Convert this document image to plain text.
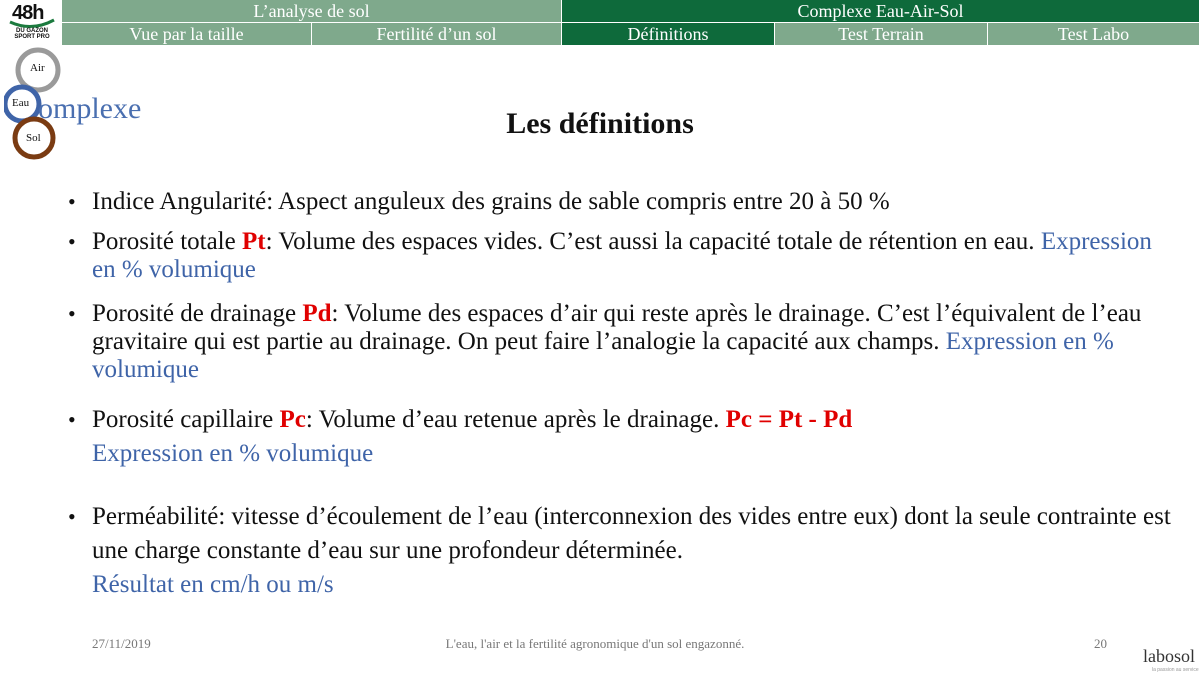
48h
DU GAZON
SPORT PRO
L’analyse de sol	Complexe Eau-Air-Sol
Vue par la taille	Fertilité d’un sol	Définitions	Test Terrain	Test Labo
Air
Eau
Sol
omplexe	Les définitions
• Indice Angularité: Aspect anguleux des grains de sable compris entre 20 à 50 %
• Porosité totale Pt: Volume des espaces vides. C’est aussi la capacité totale de rétention en eau. Expression en % volumique
• Porosité de drainage Pd: Volume des espaces d’air qui reste après le drainage. C’est l’équivalent de l’eau gravitaire qui est partie au drainage. On peut faire l’analogie la capacité aux champs. Expression en % volumique
• Porosité capillaire Pc: Volume d’eau retenue après le drainage. Pc = Pt - Pd
Expression en % volumique
• Perméabilité: vitesse d’écoulement de l’eau (interconnexion des vides entre eux) dont la seule contrainte est une charge constante d’eau sur une profondeur déterminée.
Résultat en cm/h ou m/s
27/11/2019	L'eau, l'air et la fertilité agronomique d'un sol engazonné.	20
labosol
la passion au service
